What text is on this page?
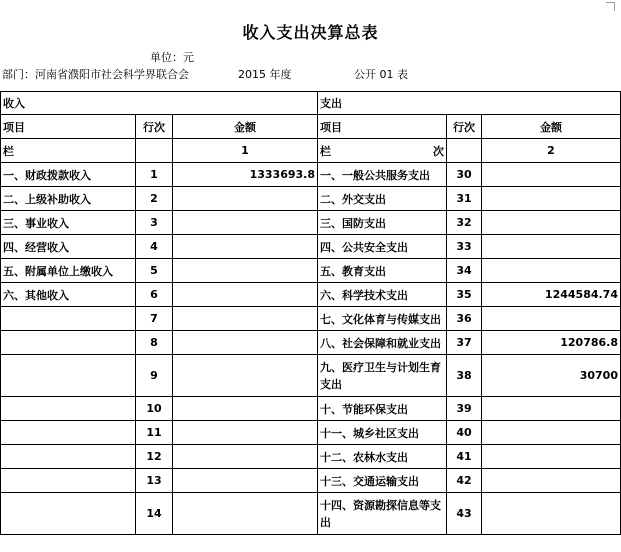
收入支出决算总表
单位：元
部门：河南省濮阳市社会科学界联合会	2015 年度	公开 01 表
收入			支出		
项目	行次	金额	项目	行次	金额
栏		1	栏 次		2
一、财政拨款收入	1	1333693.8	一、一般公共服务支出	30	
二、上级补助收入	2		二、外交支出	31	
三、事业收入	3		三、国防支出	32	
四、经营收入	4		四、公共安全支出	33	
五、附属单位上缴收入	5		五、教育支出	34	
六、其他收入	6		六、科学技术支出	35	1244584.74
	7		七、文化体育与传媒支出	36	
	8		八、社会保障和就业支出	37	120786.8
	9		九、医疗卫生与计划生育支出	38	30700
	10		十、节能环保支出	39	
	11		十一、城乡社区支出	40	
	12		十二、农林水支出	41	
	13		十三、交通运输支出	42	
	14		十四、资源勘探信息等支出	43	
